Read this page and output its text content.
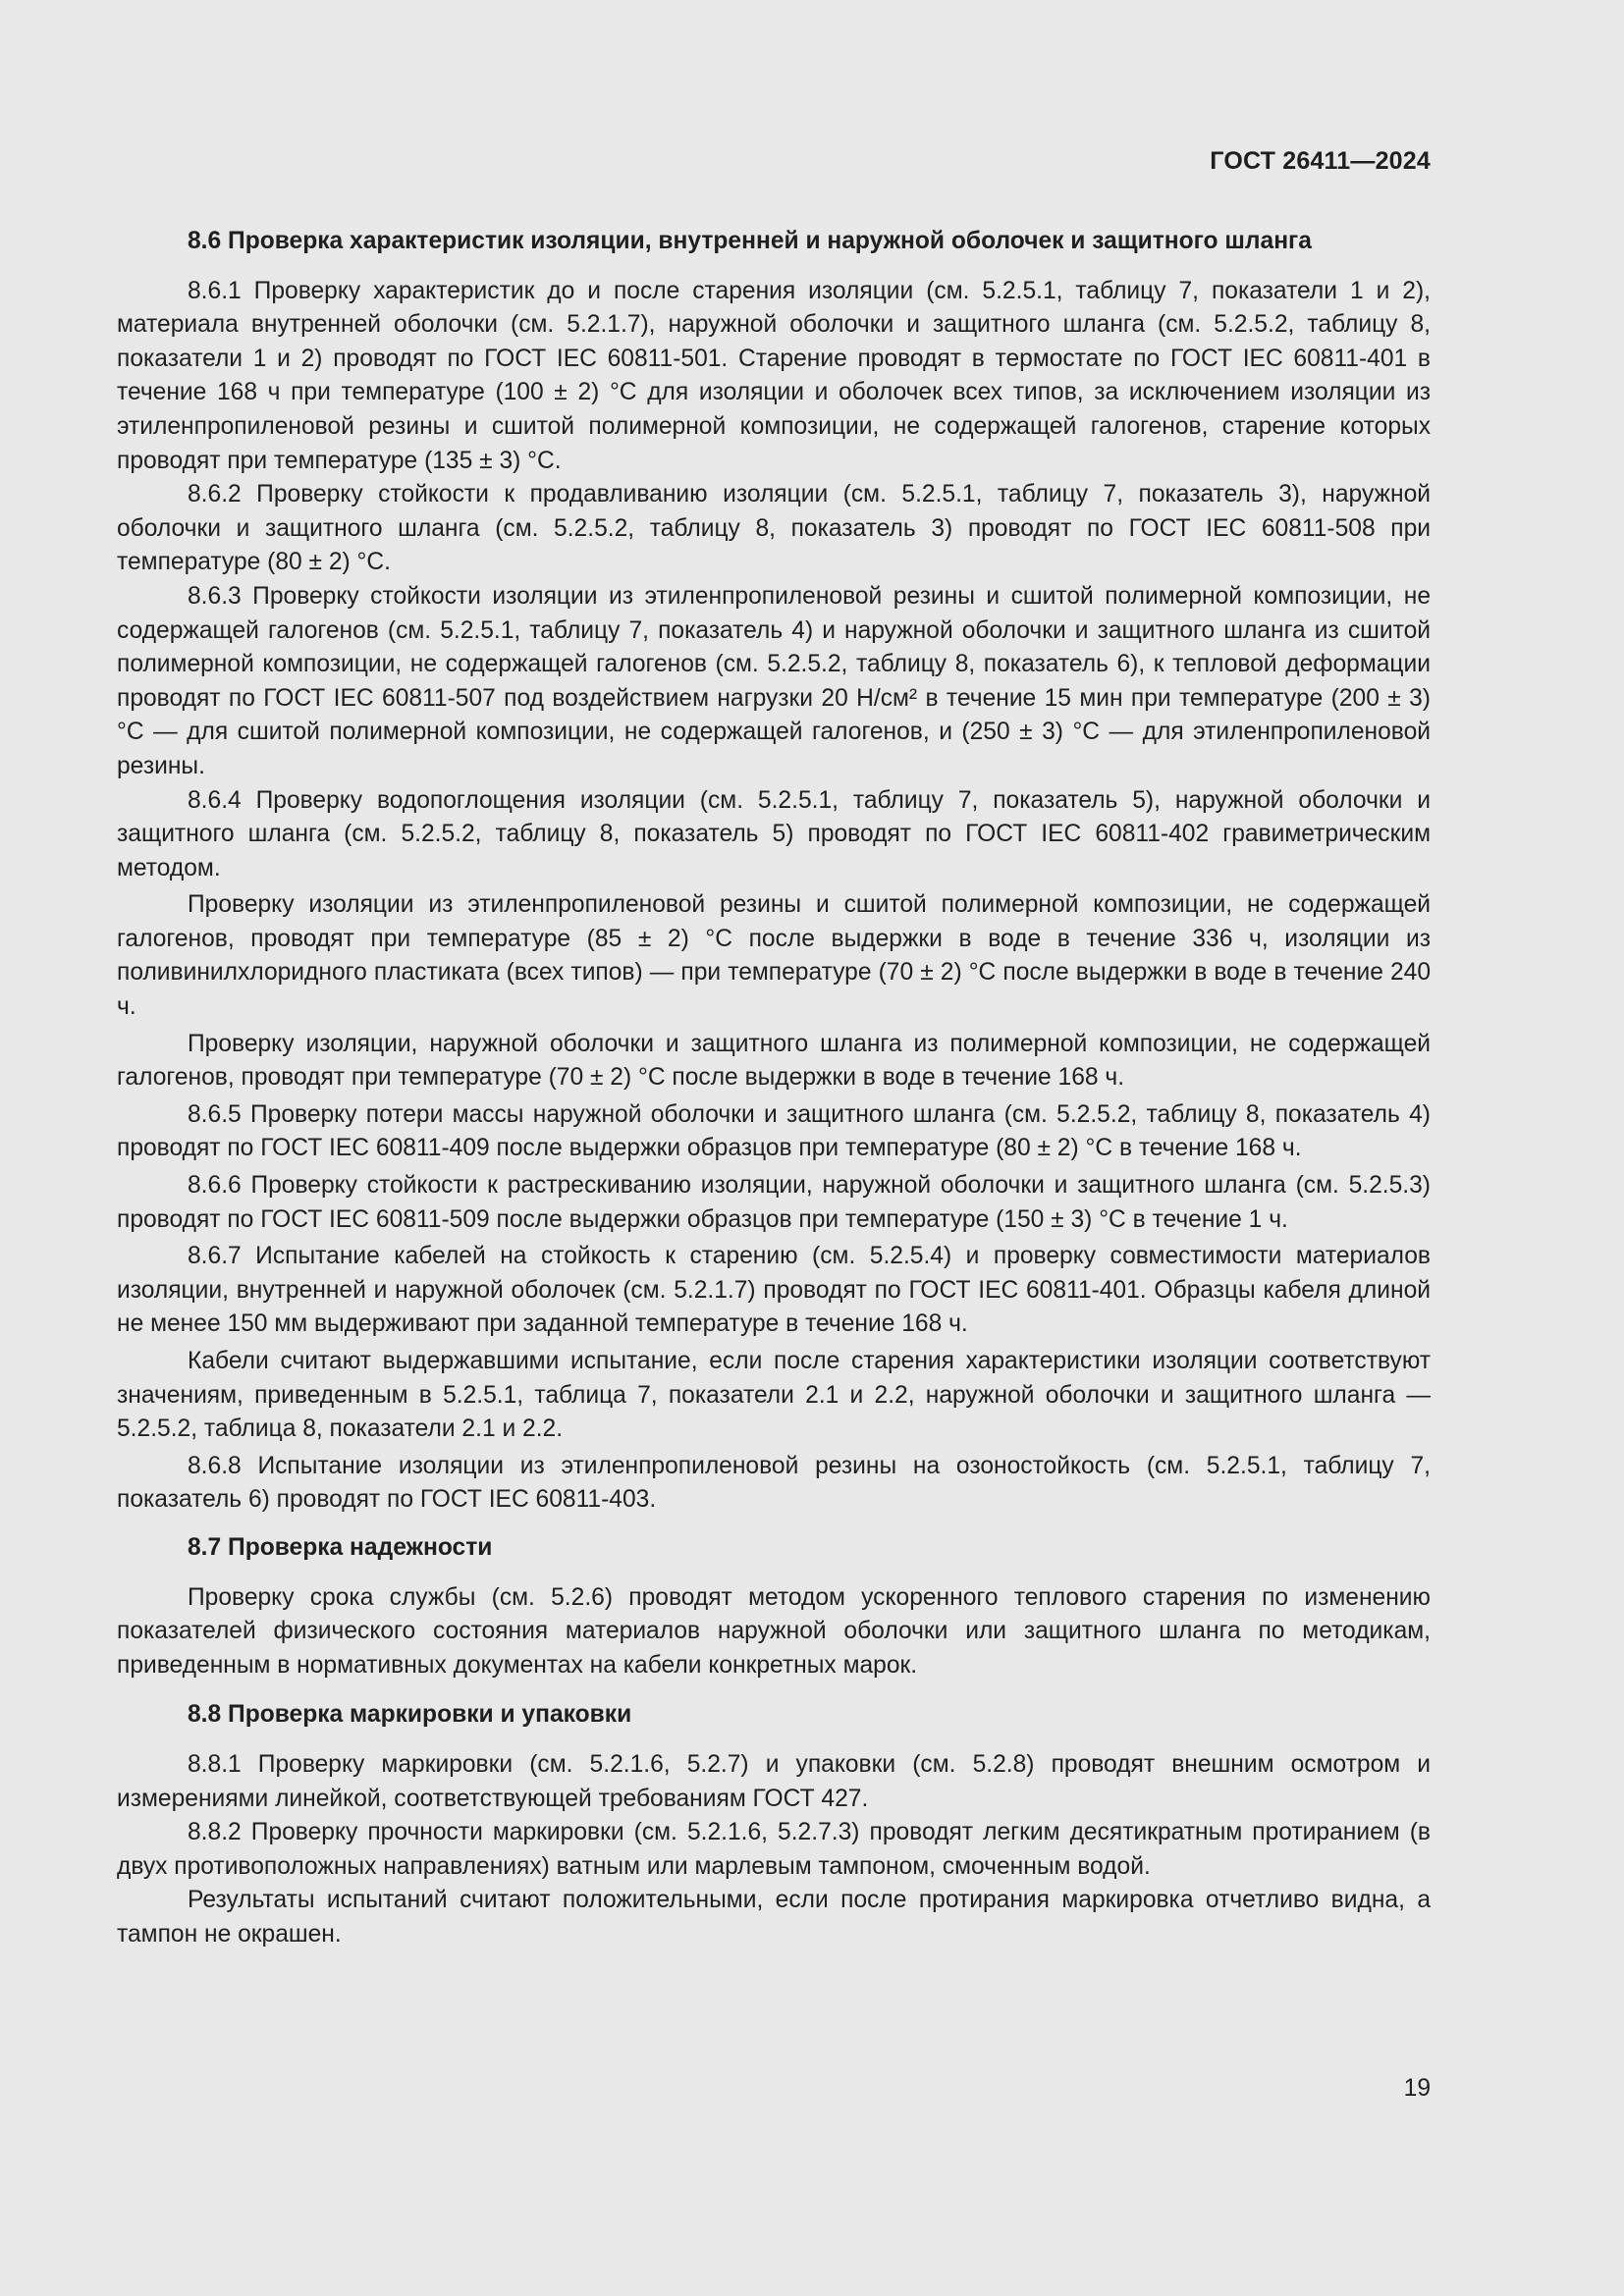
ГОСТ 26411—2024
8.6 Проверка характеристик изоляции, внутренней и наружной оболочек и защитного шланга

8.6.1 Проверку характеристик до и после старения изоляции (см. 5.2.5.1, таблицу 7, показатели 1 и 2), материала внутренней оболочки (см. 5.2.1.7), наружной оболочки и защитного шланга (см. 5.2.5.2, таблицу 8, показатели 1 и 2) проводят по ГОСТ IEC 60811-501. Старение проводят в термостате по ГОСТ IEC 60811-401 в течение 168 ч при температуре (100 ± 2) °С для изоляции и оболочек всех типов, за исключением изоляции из этиленпропиленовой резины и сшитой полимерной композиции, не содержащей галогенов, старение которых проводят при температуре (135 ± 3) °С.

8.6.2 Проверку стойкости к продавливанию изоляции (см. 5.2.5.1, таблицу 7, показатель 3), наружной оболочки и защитного шланга (см. 5.2.5.2, таблицу 8, показатель 3) проводят по ГОСТ IEC 60811-508 при температуре (80 ± 2) °С.

8.6.3 Проверку стойкости изоляции из этиленпропиленовой резины и сшитой полимерной композиции, не содержащей галогенов (см. 5.2.5.1, таблицу 7, показатель 4) и наружной оболочки и защитного шланга из сшитой полимерной композиции, не содержащей галогенов (см. 5.2.5.2, таблицу 8, показатель 6), к тепловой деформации проводят по ГОСТ IEC 60811-507 под воздействием нагрузки 20 Н/см² в течение 15 мин при температуре (200 ± 3) °С — для сшитой полимерной композиции, не содержащей галогенов, и (250 ± 3) °С — для этиленпропиленовой резины.

8.6.4 Проверку водопоглощения изоляции (см. 5.2.5.1, таблицу 7, показатель 5), наружной оболочки и защитного шланга (см. 5.2.5.2, таблицу 8, показатель 5) проводят по ГОСТ IEC 60811-402 гравиметрическим методом.

Проверку изоляции из этиленпропиленовой резины и сшитой полимерной композиции, не содержащей галогенов, проводят при температуре (85 ± 2) °С после выдержки в воде в течение 336 ч, изоляции из поливинилхлоридного пластиката (всех типов) — при температуре (70 ± 2) °С после выдержки в воде в течение 240 ч.

Проверку изоляции, наружной оболочки и защитного шланга из полимерной композиции, не содержащей галогенов, проводят при температуре (70 ± 2) °С после выдержки в воде в течение 168 ч.

8.6.5 Проверку потери массы наружной оболочки и защитного шланга (см. 5.2.5.2, таблицу 8, показатель 4) проводят по ГОСТ IEC 60811-409 после выдержки образцов при температуре (80 ± 2) °С в течение 168 ч.

8.6.6 Проверку стойкости к растрескиванию изоляции, наружной оболочки и защитного шланга (см. 5.2.5.3) проводят по ГОСТ IEC 60811-509 после выдержки образцов при температуре (150 ± 3) °С в течение 1 ч.

8.6.7 Испытание кабелей на стойкость к старению (см. 5.2.5.4) и проверку совместимости материалов изоляции, внутренней и наружной оболочек (см. 5.2.1.7) проводят по ГОСТ IEC 60811-401. Образцы кабеля длиной не менее 150 мм выдерживают при заданной температуре в течение 168 ч.

Кабели считают выдержавшими испытание, если после старения характеристики изоляции соответствуют значениям, приведенным в 5.2.5.1, таблица 7, показатели 2.1 и 2.2, наружной оболочки и защитного шланга — 5.2.5.2, таблица 8, показатели 2.1 и 2.2.

8.6.8 Испытание изоляции из этиленпропиленовой резины на озоностойкость (см. 5.2.5.1, таблицу 7, показатель 6) проводят по ГОСТ IEC 60811-403.

8.7 Проверка надежности

Проверку срока службы (см. 5.2.6) проводят методом ускоренного теплового старения по изменению показателей физического состояния материалов наружной оболочки или защитного шланга по методикам, приведенным в нормативных документах на кабели конкретных марок.

8.8 Проверка маркировки и упаковки

8.8.1 Проверку маркировки (см. 5.2.1.6, 5.2.7) и упаковки (см. 5.2.8) проводят внешним осмотром и измерениями линейкой, соответствующей требованиям ГОСТ 427.

8.8.2 Проверку прочности маркировки (см. 5.2.1.6, 5.2.7.3) проводят легким десятикратным протиранием (в двух противоположных направлениях) ватным или марлевым тампоном, смоченным водой.

Результаты испытаний считают положительными, если после протирания маркировка отчетливо видна, а тампон не окрашен.

19
